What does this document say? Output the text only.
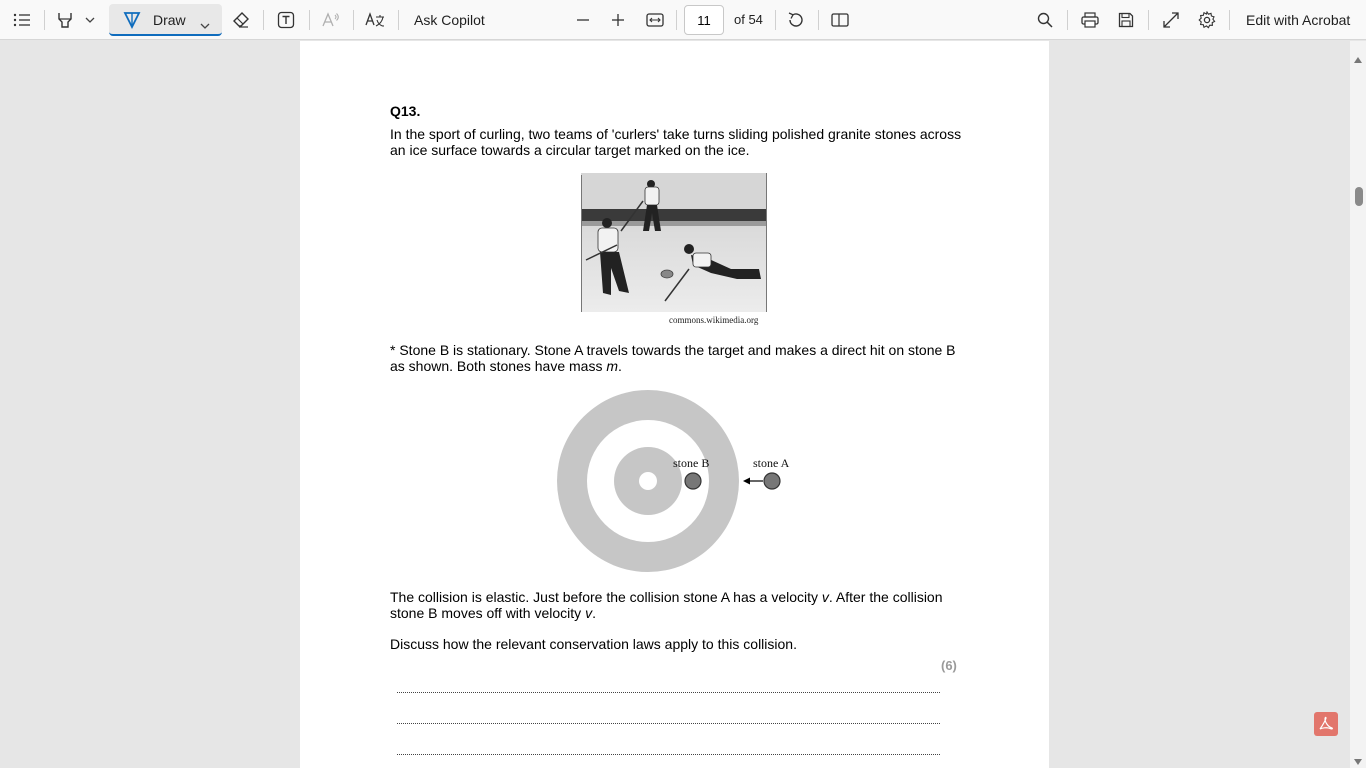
Draw	Ask Copilot	11	of 54	Edit with Acrobat
Q13.
In the sport of curling, two teams of 'curlers' take turns sliding polished granite stones across
an ice surface towards a circular target marked on the ice.
commons.wikimedia.org
* Stone B is stationary. Stone A travels towards the target and makes a direct hit on stone B
as shown. Both stones have mass m.
stone B	stone A
The collision is elastic. Just before the collision stone A has a velocity v. After the collision
stone B moves off with velocity v.
Discuss how the relevant conservation laws apply to this collision.
(6)
